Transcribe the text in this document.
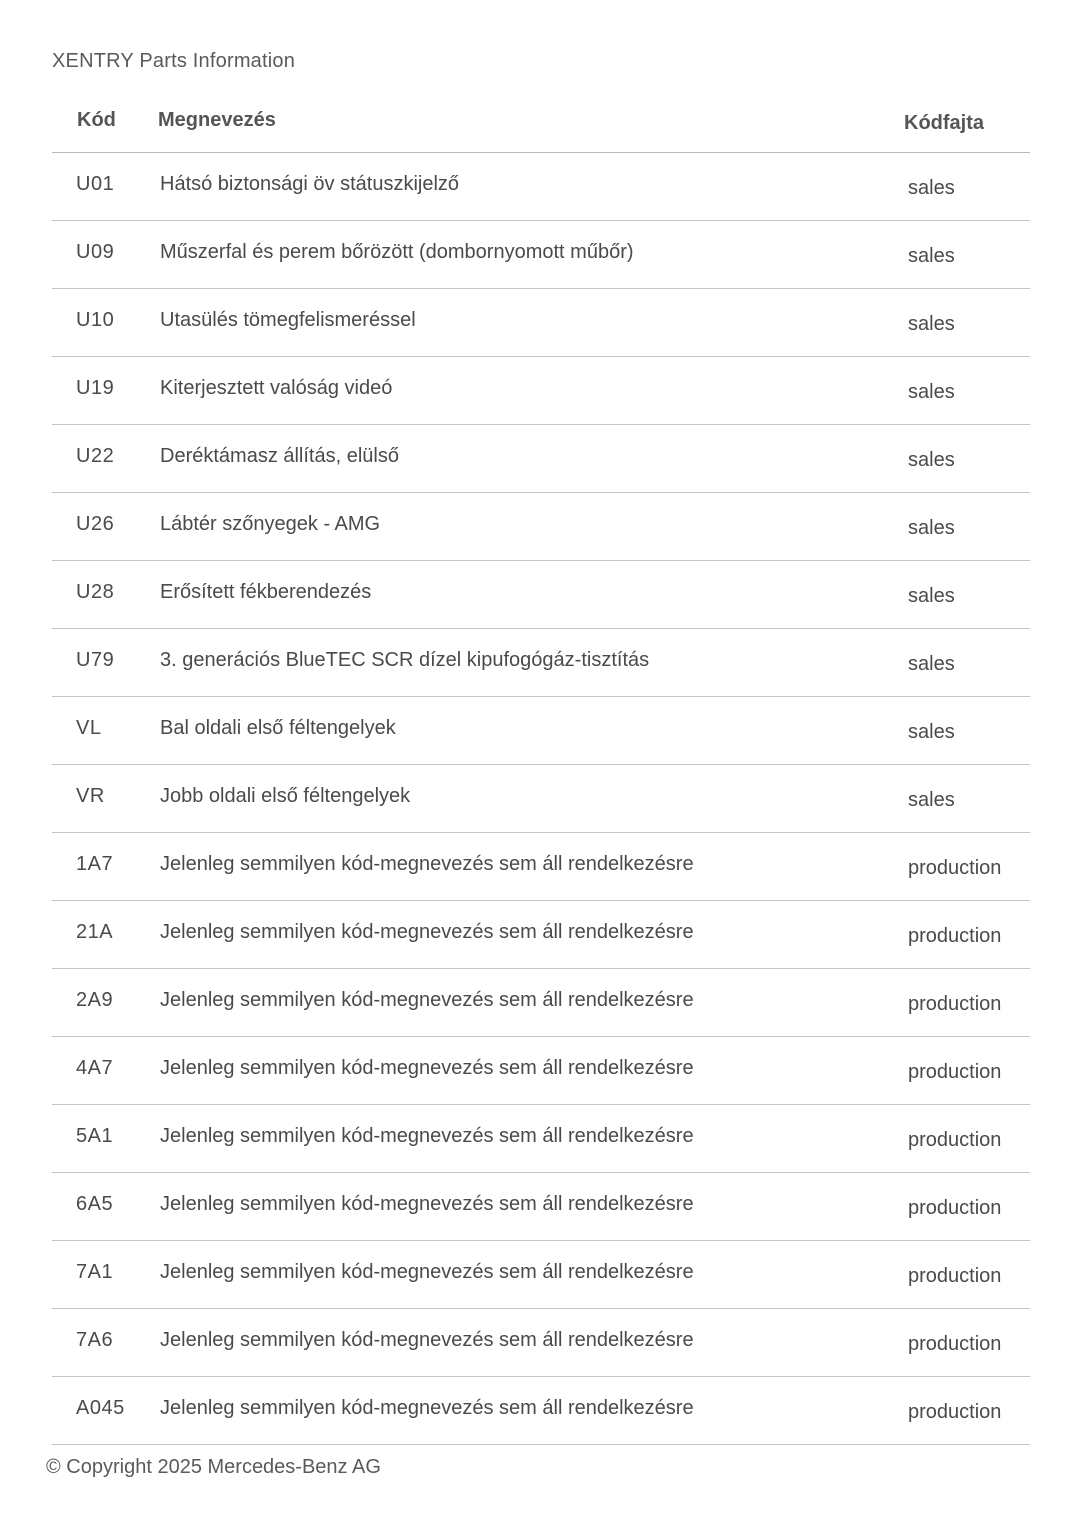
XENTRY Parts Information
Kód Megnevezés	Kódfajta
U01 Hátsó biztonsági öv státuszkijelző	sales
U09 Műszerfal és perem bőrözött (dombornyomott műbőr)	sales
U10 Utasülés tömegfelismeréssel	sales
U19 Kiterjesztett valóság videó	sales
U22 Deréktámasz állítás, elülső	sales
U26 Lábtér szőnyegek - AMG	sales
U28 Erősített fékberendezés	sales
U79 3. generációs BlueTEC SCR dízel kipufogógáz-tisztítás	sales
VL	Bal oldali első féltengelyek	sales
VR	Jobb oldali első féltengelyek	sales
1A7 Jelenleg semmilyen kód-megnevezés sem áll rendelkezésre	production
21A Jelenleg semmilyen kód-megnevezés sem áll rendelkezésre	production
2A9 Jelenleg semmilyen kód-megnevezés sem áll rendelkezésre	production
4A7 Jelenleg semmilyen kód-megnevezés sem áll rendelkezésre	production
5A1 Jelenleg semmilyen kód-megnevezés sem áll rendelkezésre	production
6A5 Jelenleg semmilyen kód-megnevezés sem áll rendelkezésre	production
7A1 Jelenleg semmilyen kód-megnevezés sem áll rendelkezésre	production
7A6 Jelenleg semmilyen kód-megnevezés sem áll rendelkezésre	production
A045 Jelenleg semmilyen kód-megnevezés sem áll rendelkezésre	production
© Copyright 2025 Mercedes-Benz AG
